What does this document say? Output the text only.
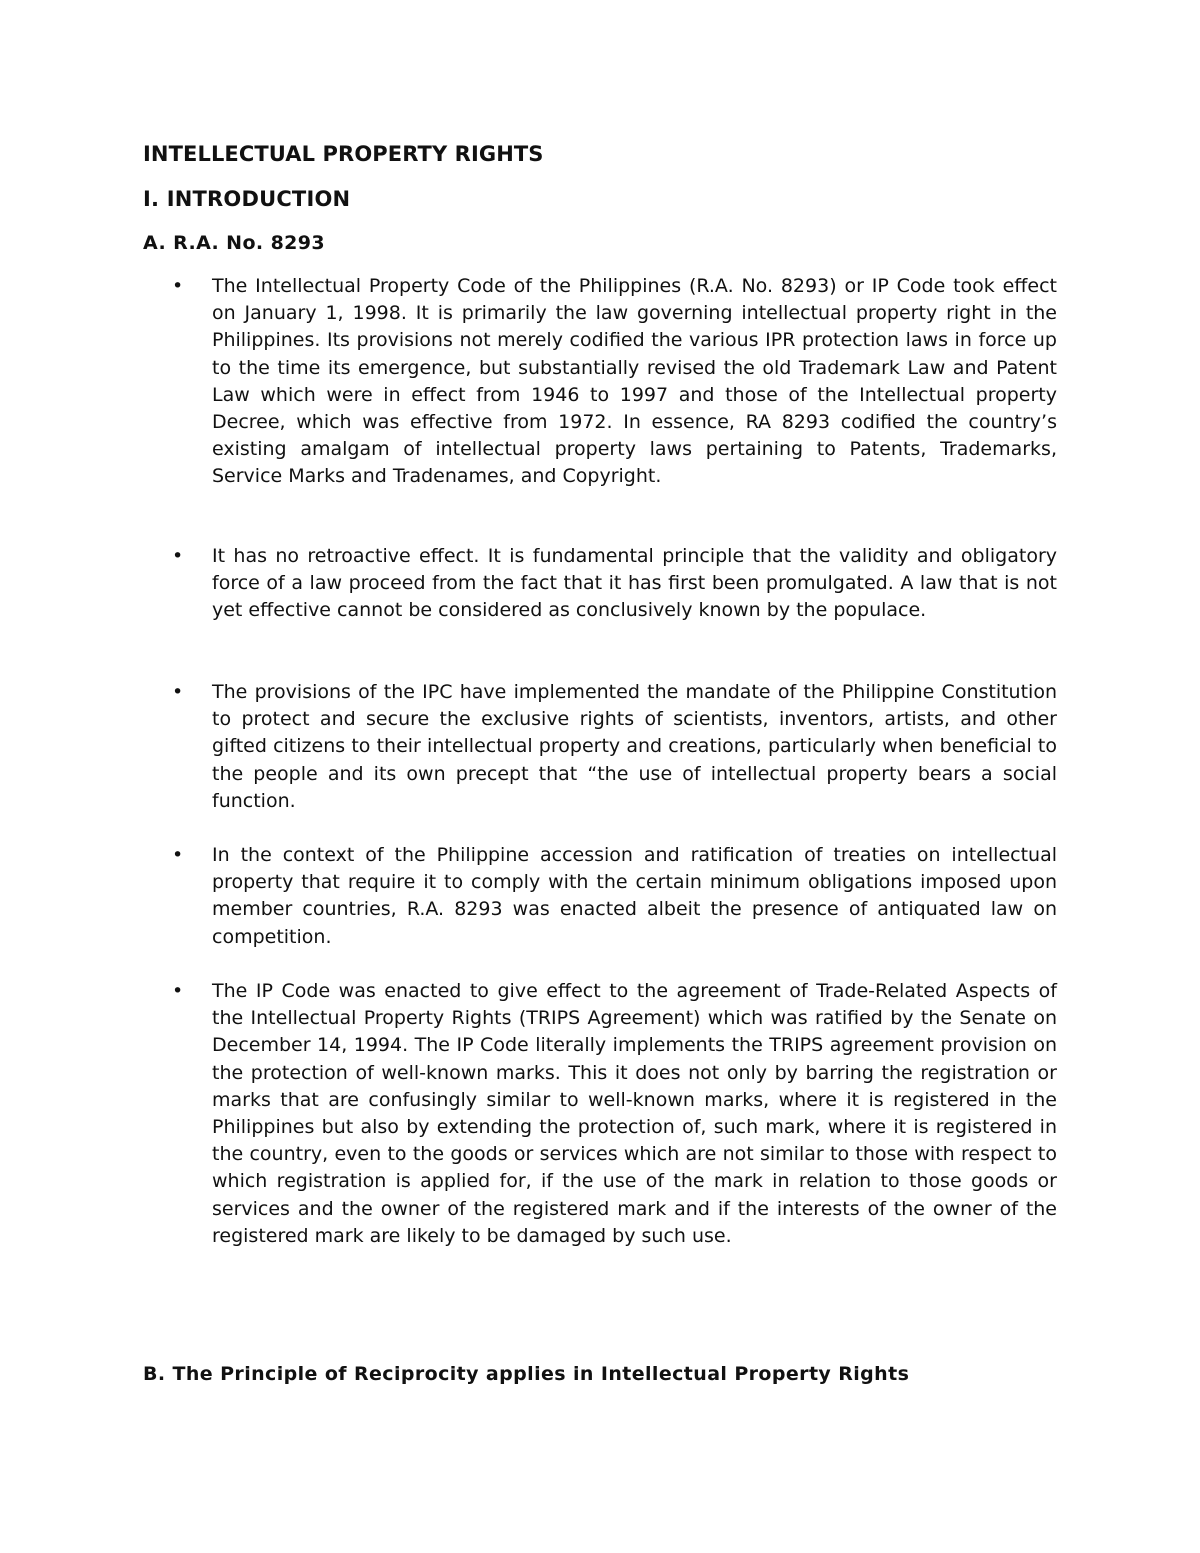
INTELLECTUAL PROPERTY RIGHTS
I. INTRODUCTION
A. R.A. No. 8293
• The Intellectual Property Code of the Philippines (R.A. No. 8293) or IP Code took effect on January 1, 1998. It is primarily the law governing intellectual property right in the Philippines. Its provisions not merely codified the various IPR protection laws in force up to the time its emergence, but substantially revised the old Trademark Law and Patent Law which were in effect from 1946 to 1997 and those of the Intellectual property Decree, which was effective from 1972. In essence, RA 8293 codified the country’s existing amalgam of intellectual property laws pertaining to Patents, Trademarks, Service Marks and Tradenames, and Copyright.

• It has no retroactive effect. It is fundamental principle that the validity and obligatory force of a law proceed from the fact that it has first been promulgated. A law that is not yet effective cannot be considered as conclusively known by the populace.

• The provisions of the IPC have implemented the mandate of the Philippine Constitution to protect and secure the exclusive rights of scientists, inventors, artists, and other gifted citizens to their intellectual property and creations, particularly when beneficial to the people and its own precept that “the use of intellectual property bears a social function.

• In the context of the Philippine accession and ratification of treaties on intellectual property that require it to comply with the certain minimum obligations imposed upon member countries, R.A. 8293 was enacted albeit the presence of antiquated law on competition.

• The IP Code was enacted to give effect to the agreement of Trade-Related Aspects of the Intellectual Property Rights (TRIPS Agreement) which was ratified by the Senate on December 14, 1994. The IP Code literally implements the TRIPS agreement provision on the protection of well-known marks. This it does not only by barring the registration or marks that are confusingly similar to well-known marks, where it is registered in the Philippines but also by extending the protection of, such mark, where it is registered in the country, even to the goods or services which are not similar to those with respect to which registration is applied for, if the use of the mark in relation to those goods or services and the owner of the registered mark and if the interests of the owner of the registered mark are likely to be damaged by such use.

B. The Principle of Reciprocity applies in Intellectual Property Rights
